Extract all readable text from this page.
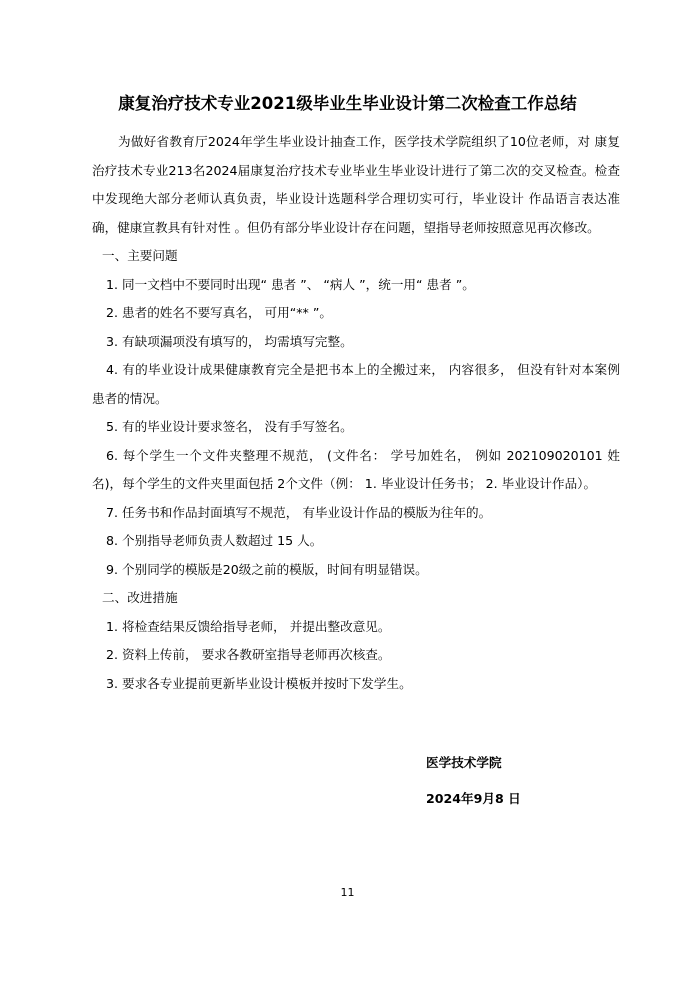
康复治疗技术专业2021级毕业生毕业设计第二次检查工作总结

为做好省教育厅2024年学生毕业设计抽查工作，医学技术学院组织了10位老师，对 康复治疗技术专业213名2024届康复治疗技术专业毕业生毕业设计进行了第二次的交叉检查。检查中发现绝大部分老师认真负责，毕业设计选题科学合理切实可行，毕业设计 作品语言表达准确，健康宣教具有针对性 。但仍有部分毕业设计存在问题，望指导老师按照意见再次修改。

一、主要问题

1. 同一文档中不要同时出现“ 患者 ”、 “病人 ”，统一用“ 患者 ”。

2. 患者的姓名不要写真名， 可用“** ”。

3. 有缺项漏项没有填写的， 均需填写完整。

4. 有的毕业设计成果健康教育完全是把书本上的全搬过来， 内容很多， 但没有针对本案例患者的情况。

5. 有的毕业设计要求签名， 没有手写签名。

6. 每个学生一个文件夹整理不规范， (文件名： 学号加姓名， 例如 202109020101 姓名)，每个学生的文件夹里面包括 2个文件（例： 1. 毕业设计任务书； 2. 毕业设计作品）。

7. 任务书和作品封面填写不规范， 有毕业设计作品的模版为往年的。

8. 个别指导老师负责人数超过 15 人。

9. 个别同学的模版是20级之前的模版，时间有明显错误。

二、改进措施

1. 将检查结果反馈给指导老师， 并提出整改意见。

2. 资料上传前， 要求各教研室指导老师再次核查。

3. 要求各专业提前更新毕业设计模板并按时下发学生。

医学技术学院
2024年9月8 日
11
